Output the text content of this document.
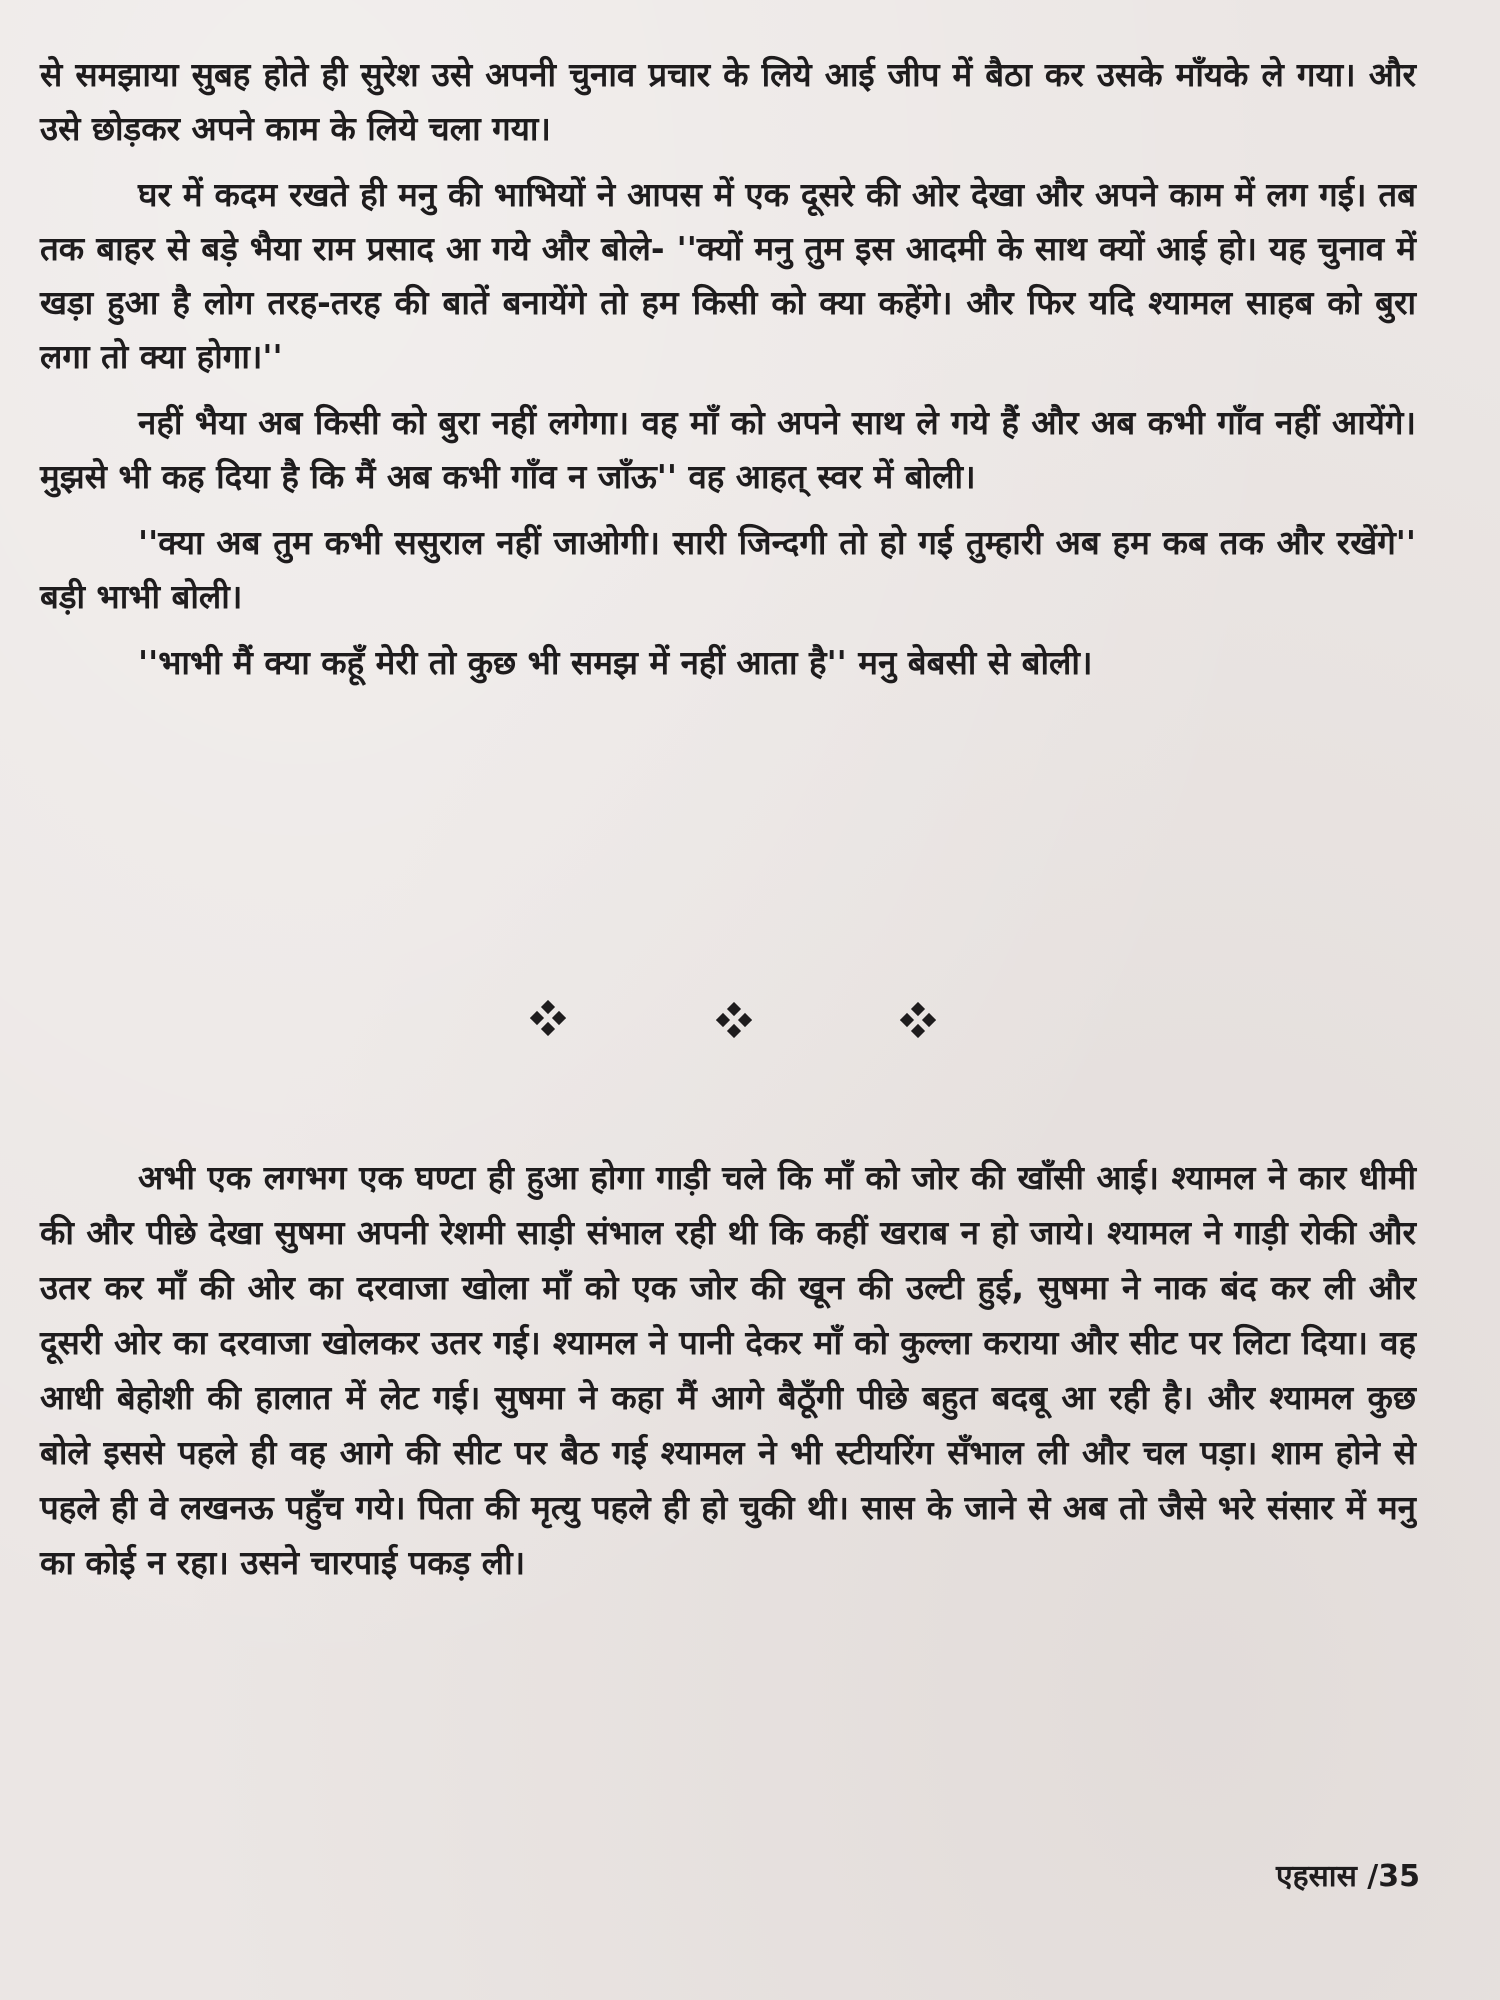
से समझाया सुबह होते ही सुरेश उसे अपनी चुनाव प्रचार के लिये आई जीप में बैठा कर उसके माँयके ले गया। और उसे छोड़कर अपने काम के लिये चला गया।

घर में कदम रखते ही मनु की भाभियों ने आपस में एक दूसरे की ओर देखा और अपने काम में लग गई। तब तक बाहर से बड़े भैया राम प्रसाद आ गये और बोले- ''क्यों मनु तुम इस आदमी के साथ क्यों आई हो। यह चुनाव में खड़ा हुआ है लोग तरह-तरह की बातें बनायेंगे तो हम किसी को क्या कहेंगे। और फिर यदि श्यामल साहब को बुरा लगा तो क्या होगा।''

नहीं भैया अब किसी को बुरा नहीं लगेगा। वह माँ को अपने साथ ले गये हैं और अब कभी गाँव नहीं आयेंगे। मुझसे भी कह दिया है कि मैं अब कभी गाँव न जाँऊ'' वह आहत् स्वर में बोली।

''क्या अब तुम कभी ससुराल नहीं जाओगी। सारी जिन्दगी तो हो गई तुम्हारी अब हम कब तक और रखेंगे'' बड़ी भाभी बोली।

''भाभी मैं क्या कहूँ मेरी तो कुछ भी समझ में नहीं आता है'' मनु बेबसी से बोली।

अभी एक लगभग एक घण्टा ही हुआ होगा गाड़ी चले कि माँ को जोर की खाँसी आई। श्यामल ने कार धीमी की और पीछे देखा सुषमा अपनी रेशमी साड़ी संभाल रही थी कि कहीं खराब न हो जाये। श्यामल ने गाड़ी रोकी और उतर कर माँ की ओर का दरवाजा खोला माँ को एक जोर की खून की उल्टी हुई, सुषमा ने नाक बंद कर ली और दूसरी ओर का दरवाजा खोलकर उतर गई। श्यामल ने पानी देकर माँ को कुल्ला कराया और सीट पर लिटा दिया। वह आधी बेहोशी की हालात में लेट गई। सुषमा ने कहा मैं आगे बैठूँगी पीछे बहुत बदबू आ रही है। और श्यामल कुछ बोले इससे पहले ही वह आगे की सीट पर बैठ गई श्यामल ने भी स्टीयरिंग सँभाल ली और चल पड़ा। शाम होने से पहले ही वे लखनऊ पहुँच गये। पिता की मृत्यु पहले ही हो चुकी थी। सास के जाने से अब तो जैसे भरे संसार में मनु का कोई न रहा। उसने चारपाई पकड़ ली।

एहसास /35
